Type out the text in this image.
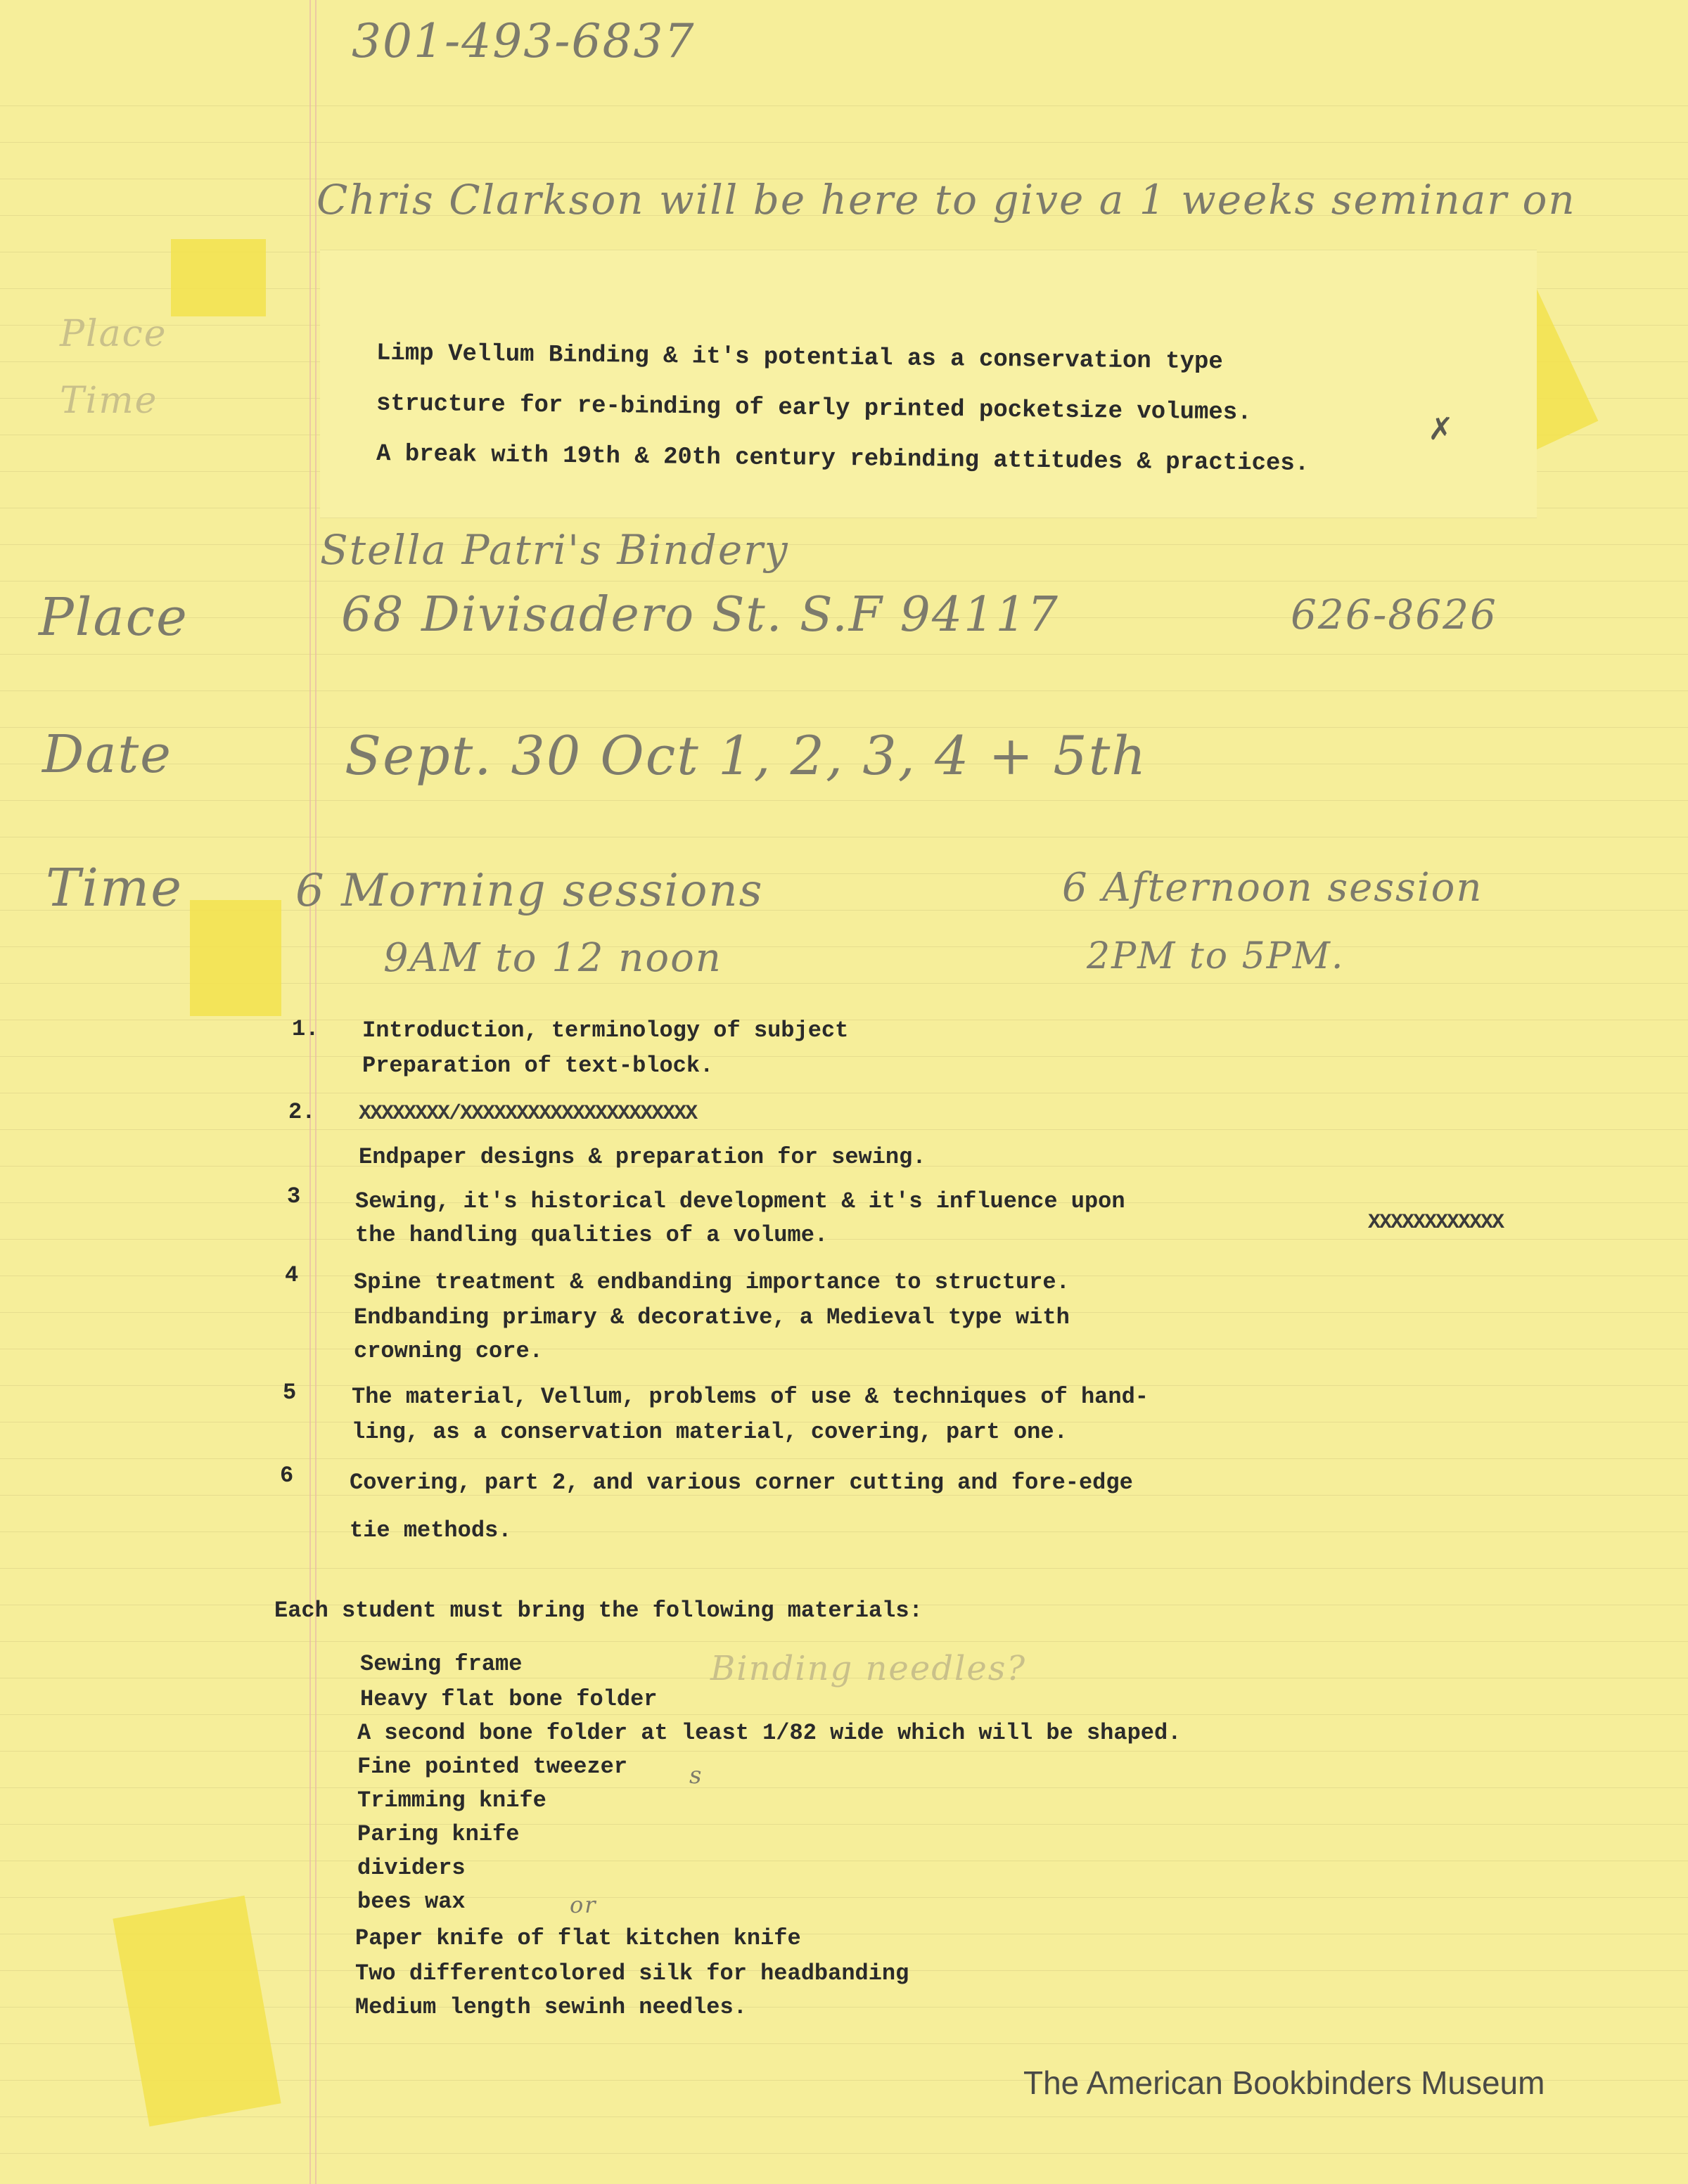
301-493-6837
Chris Clarkson will be here to give a 1 weeks seminar on
Place
Time
Limp Vellum Binding & it's potential as a conservation type
structure for re-binding of early printed pocketsize volumes.
A break with 19th & 20th century rebinding attitudes & practices.
✗
Stella Patri's Bindery
Place	68 Divisadero St. S.F 94117	626-8626
Date	Sept. 30 Oct 1, 2, 3, 4 + 5th
Time	6 Morning sessions	6 Afternoon session
9AM to 12 noon	2PM to 5PM.
1. Introduction, terminology of subject
Preparation of text-block.
2. XXXXXXXX/XXXXXXXXXXXXXXXXXXXXX
Endpaper designs & preparation for sewing.
3 Sewing, it's historical development & it's influence upon
XXXXXXXXXXXX
the handling qualities of a volume.
4 Spine treatment & endbanding importance to structure.
Endbanding primary & decorative, a Medieval type with
crowning core.
5 The material, Vellum, problems of use & techniques of hand-
ling, as a conservation material, covering, part one.
6 Covering, part 2, and various corner cutting and fore-edge
tie methods.
Each student must bring the following materials:
Binding needles?
Sewing frame
Heavy flat bone folder
A second bone folder at least 1/82 wide which will be shaped.
Fine pointed tweezer
Trimming knife
Paring knife
dividers
bees wax
Paper knife of flat kitchen knife
Two differentcolored silk for headbanding
Medium length sewinh needles.
s
or
The American Bookbinders Museum
